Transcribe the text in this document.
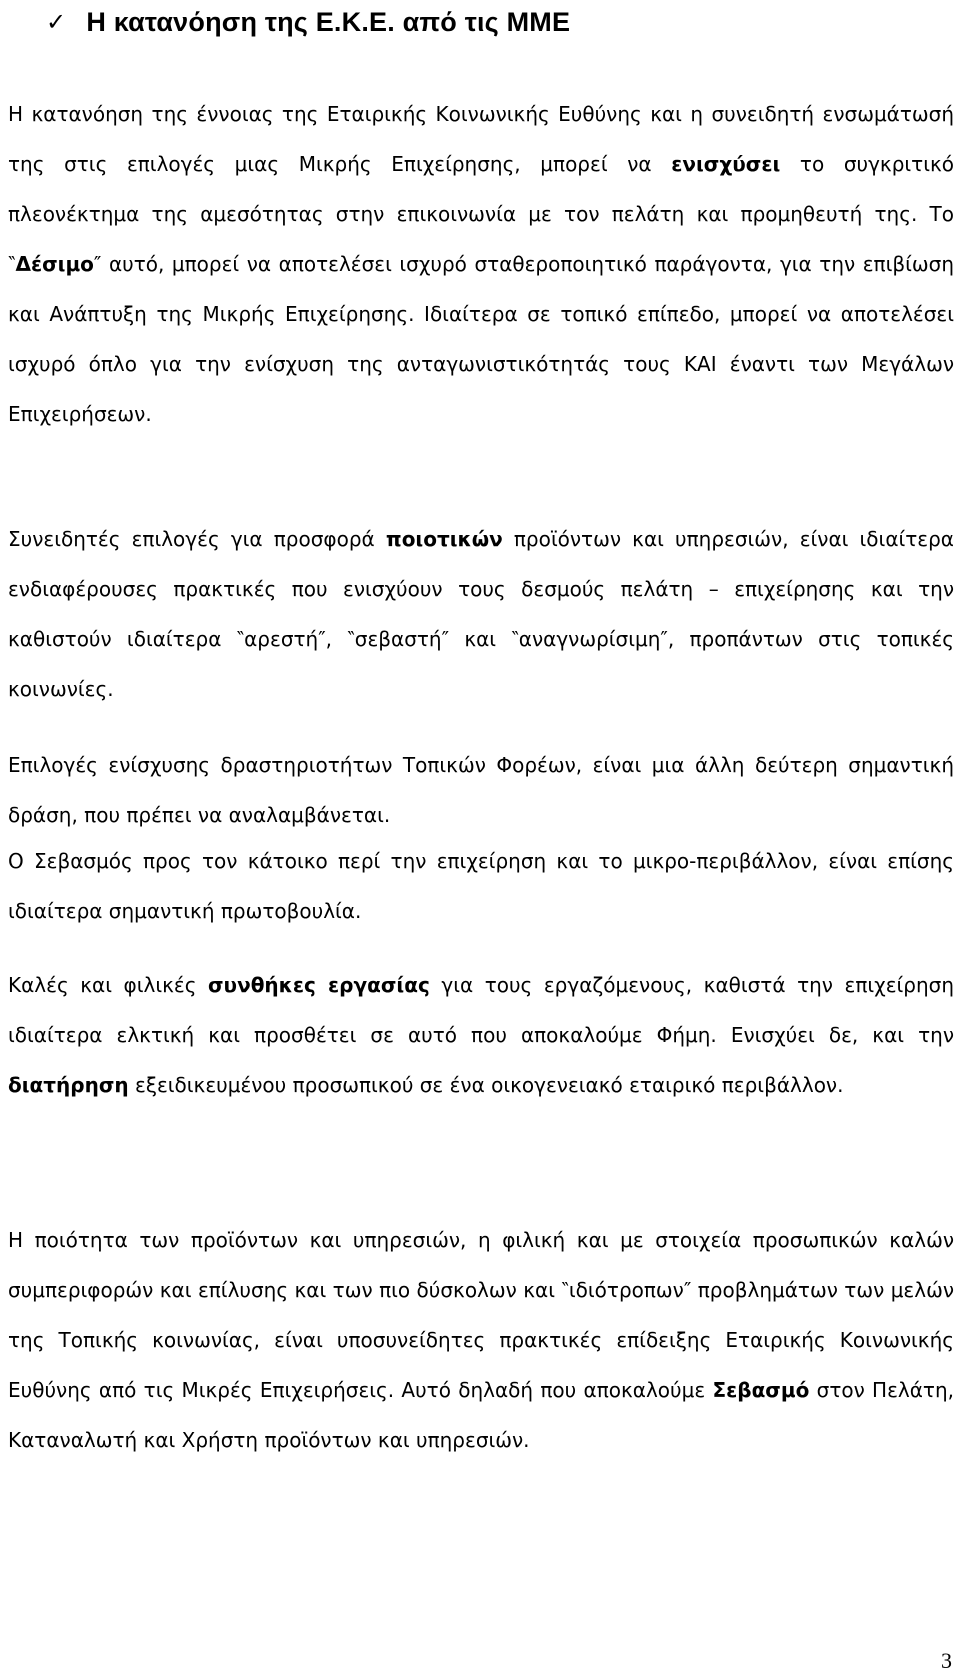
✓ Η κατανόηση της Ε.Κ.Ε. από τις ΜΜΕ

Η κατανόηση της έννοιας της Εταιρικής Κοινωνικής Ευθύνης και η συνειδητή ενσωμάτωσή της στις επιλογές μιας Μικρής Επιχείρησης, μπορεί να ενισχύσει το συγκριτικό πλεονέκτημα της αμεσότητας στην επικοινωνία με τον πελάτη και προμηθευτή της. Το ‶Δέσιμο″ αυτό, μπορεί να αποτελέσει ισχυρό σταθεροποιητικό παράγοντα, για την επιβίωση και Ανάπτυξη της Μικρής Επιχείρησης. Ιδιαίτερα σε τοπικό επίπεδο, μπορεί να αποτελέσει ισχυρό όπλο για την ενίσχυση της ανταγωνιστικότητάς τους ΚΑΙ έναντι των Μεγάλων Επιχειρήσεων.

Συνειδητές επιλογές για προσφορά ποιοτικών προϊόντων και υπηρεσιών, είναι ιδιαίτερα ενδιαφέρουσες πρακτικές που ενισχύουν τους δεσμούς πελάτη – επιχείρησης και την καθιστούν ιδιαίτερα ‶αρεστή″, ‶σεβαστή″ και ‶αναγνωρίσιμη″, προπάντων στις τοπικές κοινωνίες.

Επιλογές ενίσχυσης δραστηριοτήτων Τοπικών Φορέων, είναι μια άλλη δεύτερη σημαντική δράση, που πρέπει να αναλαμβάνεται.

Ο Σεβασμός προς τον κάτοικο περί την επιχείρηση και το μικρο-περιβάλλον, είναι επίσης ιδιαίτερα σημαντική πρωτοβουλία.

Καλές και φιλικές συνθήκες εργασίας για τους εργαζόμενους, καθιστά την επιχείρηση ιδιαίτερα ελκτική και προσθέτει σε αυτό που αποκαλούμε Φήμη. Ενισχύει δε, και την διατήρηση εξειδικευμένου προσωπικού σε ένα οικογενειακό εταιρικό περιβάλλον.

Η ποιότητα των προϊόντων και υπηρεσιών, η φιλική και με στοιχεία προσωπικών καλών συμπεριφορών και επίλυσης και των πιο δύσκολων και ‶ιδιότροπων″ προβλημάτων των μελών της Τοπικής κοινωνίας, είναι υποσυνείδητες πρακτικές επίδειξης Εταιρικής Κοινωνικής Ευθύνης από τις Μικρές Επιχειρήσεις. Αυτό δηλαδή που αποκαλούμε Σεβασμό στον Πελάτη, Καταναλωτή και Χρήστη προϊόντων και υπηρεσιών.

3
